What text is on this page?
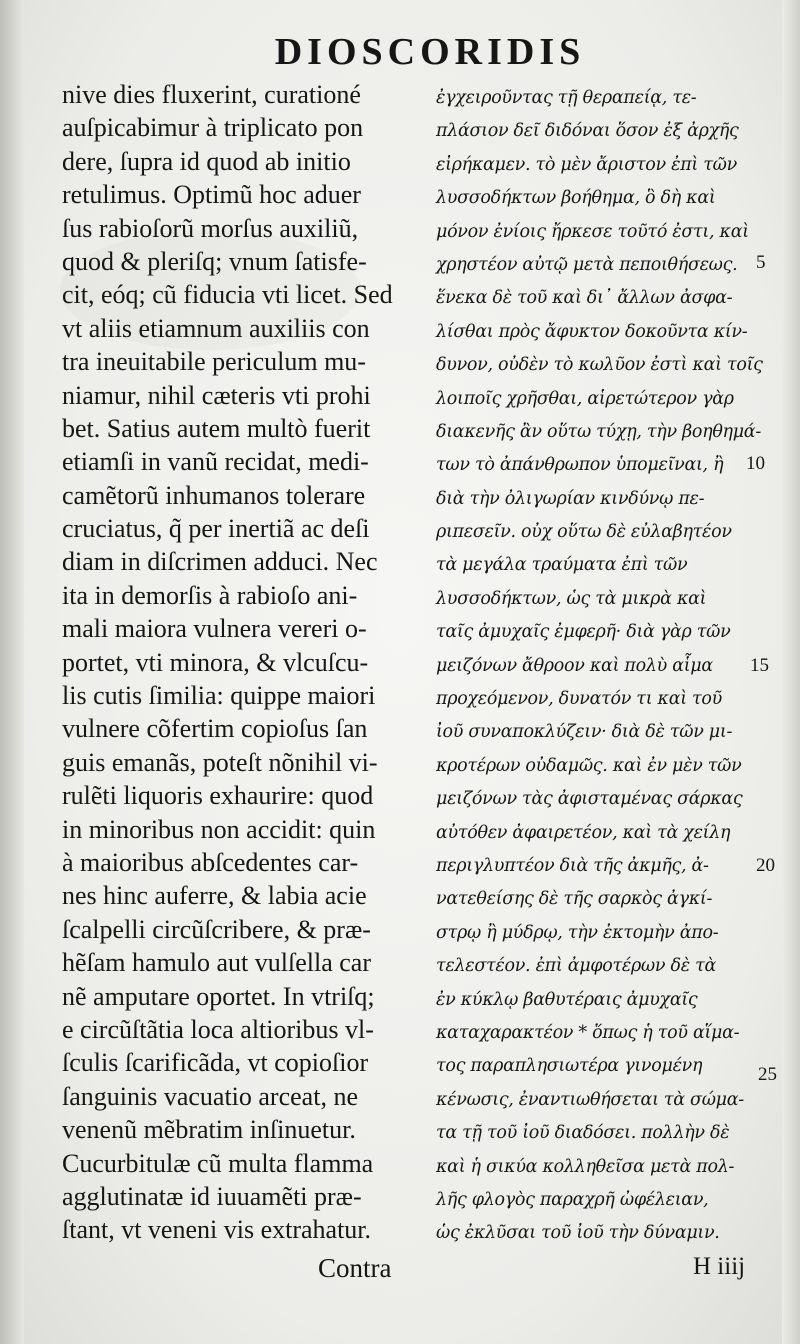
DIOSCORIDIS
nive dies fluxerint, curationé
auſpicabimur à triplicato pon
dere, ſupra id quod ab initio
retulimus. Optimũ hoc aduer
ſus rabioſorũ morſus auxiliũ,
quod & pleriſq; vnum ſatisfe-
cit, eóq; cũ fiducia vti licet. Sed
vt aliis etiamnum auxiliis con
tra ineuitabile periculum mu-
niamur, nihil cæteris vti prohi
bet. Satius autem multò fuerit
etiamſi in vanũ recidat, medi-
camẽtorũ inhumanos tolerare
cruciatus, q̃ per inertiã ac deſi
diam in diſcrimen adduci. Nec
ita in demorſis à rabioſo ani-
mali maiora vulnera vereri o-
portet, vti minora, & vlcuſcu-
lis cutis ſimilia: quippe maiori
vulnere cõfertim copioſus ſan
guis emanãs, poteſt nõnihil vi-
rulẽti liquoris exhaurire: quod
in minoribus non accidit: quin
à maioribus abſcedentes car-
nes hinc auferre, & labia acie
ſcalpelli circũſcribere, & præ-
hẽſam hamulo aut vulſella car
nẽ amputare oportet. In vtriſq;
e circũſtãtia loca altioribus vl-
ſculis ſcarificãda, vt copioſior
ſanguinis vacuatio arceat, ne
venenũ mẽbratim inſinuetur.
Cucurbitulæ cũ multa flamma
agglutinatæ id iuuamẽti præ-
ſtant, vt veneni vis extrahatur.
ἐγχειροῦντας τῇ θεραπείᾳ, τε-
πλάσιον δεῖ διδόναι ὅσον ἐξ ἀρχῆς
εἰρήκαμεν. τὸ μὲν ἄριστον ἐπὶ τῶν
λυσσοδήκτων βοήθημα, ὃ δὴ καὶ
μόνον ἐνίοις ἤρκεσε τοῦτό ἐστι, καὶ
χρηστέον αὐτῷ μετὰ πεποιθήσεως.
ἕνεκα δὲ τοῦ καὶ δι᾽ ἄλλων ἀσφα-
λίσθαι πρὸς ἄφυκτον δοκοῦντα κίν-
δυνον, οὐδὲν τὸ κωλῦον ἐστὶ καὶ τοῖς
λοιποῖς χρῆσθαι, αἱρετώτερον γὰρ
διακενῆς ἂν οὕτω τύχῃ, τὴν βοηθημά-
των τὸ ἀπάνθρωπον ὑπομεῖναι, ἢ
διὰ τὴν ὀλιγωρίαν κινδύνῳ πε-
ριπεσεῖν. οὐχ οὕτω δὲ εὐλαβητέον
τὰ μεγάλα τραύματα ἐπὶ τῶν
λυσσοδήκτων, ὡς τὰ μικρὰ καὶ
ταῖς ἀμυχαῖς ἐμφερῆ· διὰ γὰρ τῶν
μειζόνων ἄθροον καὶ πολὺ αἷμα
προχεόμενον, δυνατόν τι καὶ τοῦ
ἰοῦ συναποκλύζειν· διὰ δὲ τῶν μι-
κροτέρων οὐδαμῶς. καὶ ἐν μὲν τῶν
μειζόνων τὰς ἀφισταμένας σάρκας
αὐτόθεν ἀφαιρετέον, καὶ τὰ χείλη
περιγλυπτέον διὰ τῆς ἀκμῆς, ἀ-
νατεθείσης δὲ τῆς σαρκὸς ἀγκί-
στρῳ ἢ μύδρῳ, τὴν ἐκτομὴν ἀπο-
τελεστέον. ἐπὶ ἀμφοτέρων δὲ τὰ
ἐν κύκλῳ βαθυτέραις ἀμυχαῖς
καταχαρακτέον * ὅπως ἡ τοῦ αἵμα-
τος παραπλησιωτέρα γινομένη
κένωσις, ἐναντιωθήσεται τὰ σώμα-
τα τῇ τοῦ ἰοῦ διαδόσει. πολλὴν δὲ
καὶ ἡ σικύα κολληθεῖσα μετὰ πολ-
λῆς φλογὸς παραχρῆ ὠφέλειαν,
ὡς ἐκλῦσαι τοῦ ἰοῦ τὴν δύναμιν.
5
10
15
20
25
Contra	H iiij
